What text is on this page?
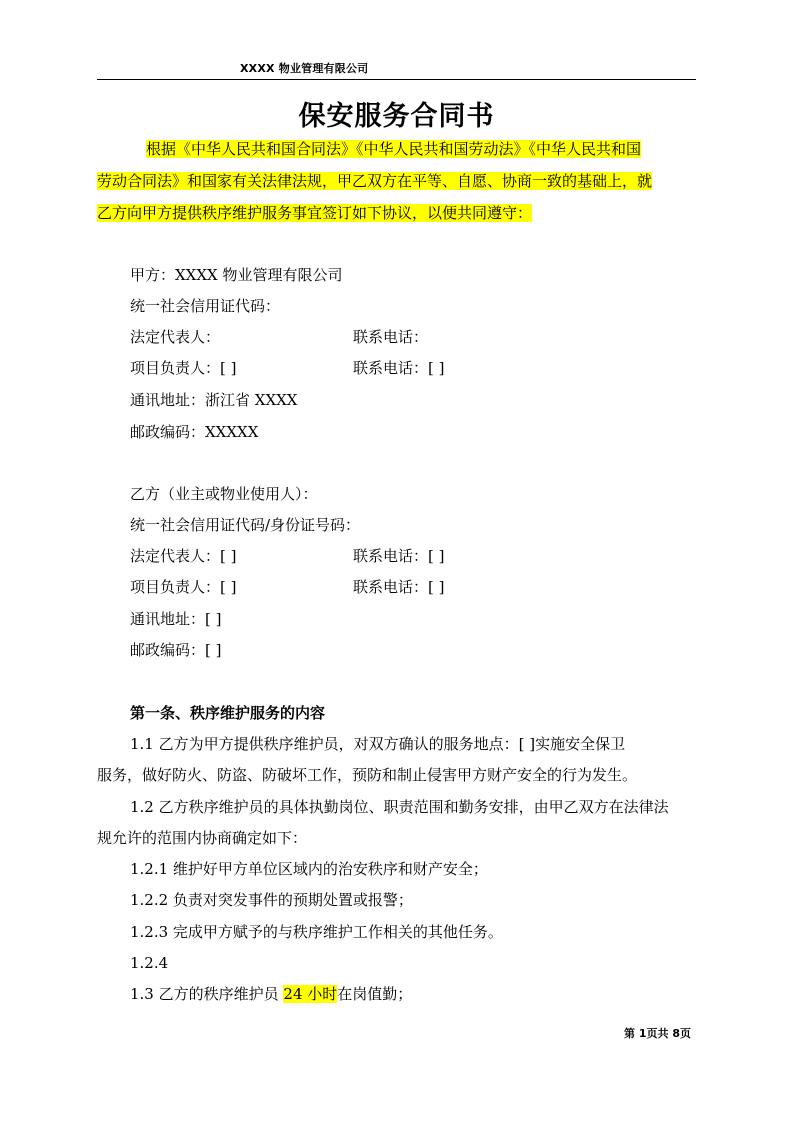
XXXX 物业管理有限公司
保安服务合同书
根据《中华人民共和国合同法》《中华人民共和国劳动法》《中华人民共和国
劳动合同法》和国家有关法律法规，甲乙双方在平等、自愿、协商一致的基础上，就
乙方向甲方提供秩序维护服务事宜签订如下协议，以便共同遵守：
甲方：XXXX 物业管理有限公司
统一社会信用证代码：
法定代表人：	联系电话：
项目负责人：[ ]	联系电话：[ ]
通讯地址：浙江省 XXXX
邮政编码：XXXXX
乙方（业主或物业使用人）：
统一社会信用证代码/身份证号码：
法定代表人：[ ]	联系电话：[ ]
项目负责人：[ ]	联系电话：[ ]
通讯地址：[ ]
邮政编码：[ ]
第一条、秩序维护服务的内容
1.1 乙方为甲方提供秩序维护员，对双方确认的服务地点：[ ]实施安全保卫
服务，做好防火、防盗、防破坏工作，预防和制止侵害甲方财产安全的行为发生。
1.2 乙方秩序维护员的具体执勤岗位、职责范围和勤务安排，由甲乙双方在法律法
规允许的范围内协商确定如下：
1.2.1 维护好甲方单位区域内的治安秩序和财产安全；
1.2.2 负责对突发事件的预期处置或报警；
1.2.3 完成甲方赋予的与秩序维护工作相关的其他任务。
1.2.4
1.3 乙方的秩序维护员 24 小时在岗值勤；
第 1页共 8页
